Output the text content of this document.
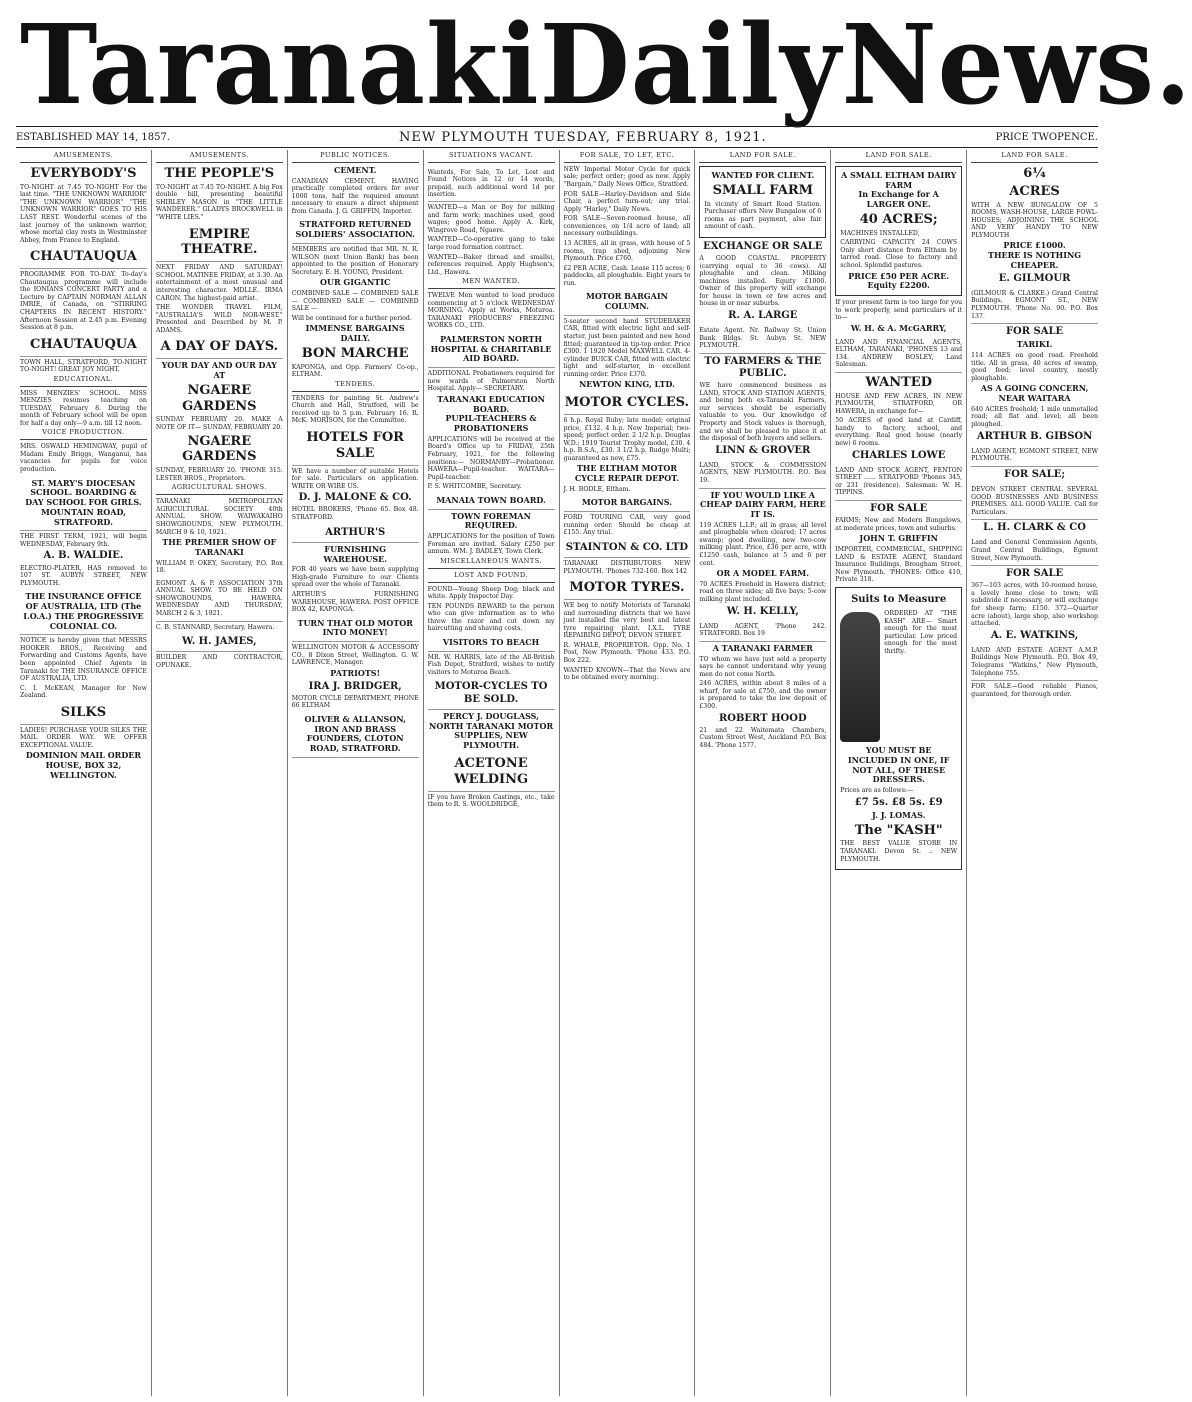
Taranaki Daily News.
ESTABLISHED MAY 14, 1857.	NEW PLYMOUTH TUESDAY, FEBRUARY 8, 1921.	PRICE TWOPENCE.
AMUSEMENTS.
EVERYBODY'S
TO-NIGHT at 7.45 TO-NIGHT For the last time. "THE UNKNOWN WARRIOR" "THE UNKNOWN WARRIOR" "THE UNKNOWN WARRIOR" GOES TO HIS LAST REST. Wonderful scenes of the last journey of the unknown warrior, whose mortal clay rests in Westminster Abbey, from France to England.
CHAUTAUQUA
PROGRAMME FOR TO-DAY. To-day's Chautauqua programme will include the IONIANS CONCERT PARTY and a Lecture by CAPTAIN NORMAN ALLAN IMRIE, of Canada, on "STIRRING CHAPTERS IN RECENT HISTORY." Afternoon Session at 2.45 p.m. Evening Session at 8 p.m.
CHAUTAUQUA
TOWN HALL, STRATFORD, TO-NIGHT TO-NIGHT! GREAT JOY NIGHT.
EDUCATIONAL.
MISS MENZIES' SCHOOL. MISS MENZIES resumes teaching on TUESDAY, February 8. During the month of February school will be open for half a day only—9 a.m. till 12 noon.
VOICE PRODUCTION.
MRS. OSWALD HEMINGWAY, pupil of Madam Emily Briggs, Wanganui, has vacancies for pupils for voice production.
ST. MARY'S DIOCESAN SCHOOL. BOARDING & DAY SCHOOL FOR GIRLS. MOUNTAIN ROAD, STRATFORD.
THE FIRST TERM, 1921, will begin WEDNESDAY, February 9th.
A. B. WALDIE.
ELECTRO-PLATER, HAS removed to 107 ST. AUBYN STREET, NEW PLYMOUTH.
THE INSURANCE OFFICE OF AUSTRALIA, LTD (The I.O.A.) THE PROGRESSIVE COLONIAL CO.
NOTICE is hereby given that MESSRS HOOKER BROS., Receiving and Forwarding and Customs Agents, have been appointed Chief Agents in Taranaki for THE INSURANCE OFFICE OF AUSTRALIA, LTD.
C. I. McKEAN, Manager for New Zealand.
SILKS
LADIES! PURCHASE YOUR SILKS THE MAIL ORDER WAY. WE OFFER EXCEPTIONAL VALUE.
DOMINION MAIL ORDER HOUSE, BOX 32, WELLINGTON.
AMUSEMENTS.
THE PEOPLE'S
TO-NIGHT at 7.45 TO-NIGHT. A big Fox double bill, presenting beautiful SHIRLEY MASON in "THE LITTLE WANDERER." GLADYS BROCKWELL in "WHITE LIES."
EMPIRE THEATRE.
NEXT FRIDAY AND SATURDAY! SCHOOL MATINEE FRIDAY, at 3.30. An entertainment of a most unusual and interesting character. MDLLE. IRMA CARON. The highest-paid artist.
THE WONDER TRAVEL FILM, "AUSTRALIA'S WILD NOR-WEST." Presented and Described by M. P. ADAMS.
A DAY OF DAYS.
YOUR DAY AND OUR DAY AT
NGAERE GARDENS
SUNDAY FEBRUARY 20. MAKE A NOTE OF IT— SUNDAY, FEBRUARY 20.
NGAERE GARDENS
SUNDAY, FEBRUARY 20. 'PHONE 315. LESTER BROS., Proprietors.
AGRICULTURAL SHOWS.
TARANAKI METROPOLITAN AGRICULTURAL SOCIETY 40th ANNUAL SHOW. WAIWAKAIHO SHOWGROUNDS, NEW PLYMOUTH. MARCH 9 & 10, 1921.
THE PREMIER SHOW OF TARANAKI
WILLIAM P. OKEY, Secretary, P.O. Box 18.
EGMONT A. & P. ASSOCIATION 37th ANNUAL SHOW. TO BE HELD ON SHOWGROUNDS, HAWERA. WEDNESDAY AND THURSDAY, MARCH 2 & 3, 1921.
C. B. STANNARD, Secretary, Hawera.
W. H. JAMES,
BUILDER AND CONTRACTOR, OPUNAKE.
PUBLIC NOTICES.
CEMENT.
CANADIAN CEMENT. HAVING practically completed orders for over 1000 tons, half the required amount necessary to ensure a direct shipment from Canada. J. G. GRIFFIN, Importer.
STRATFORD RETURNED SOLDIERS' ASSOCIATION.
MEMBERS are notified that MR. N. R. WILSON (next Union Bank) has been appointed to the position of Honorary Secretary. E. H. YOUNG, President.
OUR GIGANTIC
COMBINED SALE — COMBINED SALE — COMBINED SALE — COMBINED SALE —
Will be continued for a further period.
IMMENSE BARGAINS DAILY.
BON MARCHE
KAPONGA, and Opp. Farmers' Co-op., ELTHAM.
TENDERS.
TENDERS for painting St. Andrew's Church and Hall, Stratford, will be received up to 5 p.m. February 16. R. McK. MORISON, for the Committee.
HOTELS FOR SALE
WE have a number of suitable Hotels for sale. Particulars on application. WRITE OR WIRE US.
D. J. MALONE & CO.
HOTEL BROKERS, 'Phone 65. Box 48. STRATFORD.
ARTHUR'S
FURNISHING WAREHOUSE.
FOR 40 years we have been supplying High-grade Furniture to our Clients spread over the whole of Taranaki.
ARTHUR'S FURNISHING WAREHOUSE, HAWERA. POST OFFICE BOX 42, KAPONGA.
TURN THAT OLD MOTOR INTO MONEY!
WELLINGTON MOTOR & ACCESSORY CO., 8 Dixon Street, Wellington. G. W. LAWRENCE, Manager.
PATRIOTS!
IRA J. BRIDGER,
MOTOR CYCLE DEPARTMENT, PHONE 66 ELTHAM
OLIVER & ALLANSON, IRON AND BRASS FOUNDERS, CLOTON ROAD, STRATFORD.
SITUATIONS VACANT.
Wanteds, For Sale, To Let, Lost and Found Notices in 12 or 14 words, prepaid, each additional word 1d per insertion.
WANTED—a Man or Boy for milking and farm work; machines used, good wages; good home. Apply A. Kirk, Wingrove Road, Ngaere.
WANTED—Co-operative gang to take large road formation contract.
WANTED—Baker (bread and smalls), references required. Apply Hughson's, Ltd., Hawera.
MEN WANTED.
TWELVE Men wanted to load produce commencing at 5 o'clock WEDNESDAY MORNING. Apply at Works, Moturoa. TARANAKI PRODUCERS' FREEZING WORKS CO., LTD.
PALMERSTON NORTH HOSPITAL & CHARITABLE AID BOARD.
ADDITIONAL Probationers required for new wards of Palmerston North Hospital. Apply— SECRETARY.
TARANAKI EDUCATION BOARD.
PUPIL-TEACHERS & PROBATIONERS
APPLICATIONS will be received at the Board's Office up to FRIDAY, 25th February, 1921, for the following positions:— NORMANBY—Probationer. HAWERA—Pupil-teacher. WAITARA—Pupil-teacher.
P. S. WHITCOMBE, Secretary.
MANAIA TOWN BOARD.
TOWN FOREMAN REQUIRED.
APPLICATIONS for the position of Town Foreman are invited. Salary £250 per annum. WM. J. BADLEY, Town Clerk.
MISCELLANEOUS WANTS.
LOST AND FOUND.
FOUND—Young Sheep Dog; black and white. Apply Inspector Day.
TEN POUNDS REWARD to the person who can give information as to who threw the razor and cut down my haircutting and shaving costs.
VISITORS TO BEACH
MR. W. HARRIS, late of the All-British Fish Depot, Stratford, wishes to notify visitors to Moturoa Beach.
MOTOR-CYCLES TO BE SOLD.
PERCY J. DOUGLASS, NORTH TARANAKI MOTOR SUPPLIES, NEW PLYMOUTH.
ACETONE WELDING
IF you have Broken Castings, etc., take them to R. S. WOOLDRIDGE,
FOR SALE, TO LET, ETC.
NEW Imperial Motor Cycle for quick sale; perfect order; good as new. Apply "Bargain," Daily News Office, Stratford.
FOR SALE—Harley-Davidson and Side Chair, a perfect turn-out; any trial. Apply "Harley," Daily News.
FOR SALE—Seven-roomed house, all conveniences, on 1/4 acre of land; all necessary outbuildings.
13 ACRES, all in grass, with house of 5 rooms, trap shed, adjoining New Plymouth. Price £760.
£2 PER ACRE, Cash. Lease 115 acres; 6 paddocks, all ploughable. Eight years to run.
MOTOR BARGAIN COLUMN.
5-seater second hand STUDEBAKER CAR, fitted with electric light and self-starter, just been painted and new hood fitted; guaranteed in tip-top order. Price £300. 1 1920 Model MAXWELL CAR. 4-cylinder BUICK CAR, fitted with electric light and self-starter, in excellent running order. Price £370.
NEWTON KING, LTD.
MOTOR CYCLES.
6 h.p. Royal Ruby; late model; original price, £132. 4 h.p. New Imperial; two-speed; perfect order. 2 1/2 h.p. Douglas W.D.; 1919 Tourist Trophy model, £30. 4 h.p. B.S.A., £30. 3 1/2 h.p. Rudge Multi; guaranteed as new, £75.
THE ELTHAM MOTOR CYCLE REPAIR DEPOT.
J. H. BODLE, Eltham.
MOTOR BARGAINS.
FORD TOURING CAR, very good running order. Should be cheap at £155. Any trial.
STAINTON & CO. LTD
TARANAKI DISTRIBUTORS NEW PLYMOUTH. 'Phones 732-160. Box 142
MOTOR TYRES.
WE beg to notify Motorists of Taranaki and surrounding districts that we have just installed the very best and latest tyre repairing plant. I.X.L. TYRE REPAIRING DEPOT, DEVON STREET.
R. WHALE, PROPRIETOR. Opp. No. 1 Post, New Plymouth. 'Phone 433. P.O. Box 222.
WANTED KNOWN—That the News are to be obtained every morning.
LAND FOR SALE.
WANTED FOR CLIENT.
SMALL FARM
In vicinity of Smart Road Station. Purchaser offers New Bungalow of 6 rooms as part payment, also fair amount of cash.
EXCHANGE OR SALE
A GOOD COASTAL PROPERTY (carrying equal to 36 cows). All ploughable and clean. Milking machines installed. Equity £1000. Owner of this property will exchange for house in town or few acres and house in or near suburbs.
R. A. LARGE
Estate Agent. Nr. Railway St. Union Bank Bldgs. St. Aubyn St. NEW PLYMOUTH.
TO FARMERS & THE PUBLIC.
WE have commenced business as LAND, STOCK AND STATION AGENTS, and being both ex-Taranaki Farmers, our services should be especially valuable to you. Our knowledge of Property and Stock values is thorough, and we shall be pleased to place it at the disposal of both buyers and sellers.
LINN & GROVER
LAND, STOCK & COMMISSION AGENTS, NEW PLYMOUTH. P.O. Box 19.
IF YOU WOULD LIKE A CHEAP DAIRY FARM, HERE IT IS.
119 ACRES L.I.P.; all in grass; all level and ploughable when cleared; 17 acres swamp; good dwelling, new two-cow milking plant. Price, £36 per acre, with £1250 cash, balance at 5 and 6 per cent.
OR A MODEL FARM.
70 ACRES Freehold in Hawera district; road on three sides; all five bays; 5-cow milking plant included.
W. H. KELLY,
LAND AGENT, 'Phone 242. STRATFORD. Box 19
A TARANAKI FARMER
TO whom we have just sold a property says he cannot understand why young men do not come North.
246 ACRES, within about 8 miles of a wharf, for sale at £750, and the owner is prepared to take the low deposit of £300.
ROBERT HOOD
21 and 22 Waitemata Chambers, Custom Street West, Auckland P.O. Box 484. 'Phone 1577.
LAND FOR SALE.
A SMALL ELTHAM DAIRY FARM
In Exchange for A LARGER ONE.
40 ACRES;
MACHINES INSTALLED,
CARRYING CAPACITY 24 COWS Only short distance from Eltham by tarred road. Close to factory and school. Splendid pastures.
PRICE £50 PER ACRE. Equity £2200.
If your present farm is too large for you to work properly, send particulars of it to—
W. H. & A. McGARRY,
LAND AND FINANCIAL AGENTS, ELTHAM, TARANAKI, 'PHONES 13 and 134. ANDREW BOSLEY, Land Salesman.
WANTED
HOUSE AND FEW ACRES, IN NEW PLYMOUTH, STRATFORD, OR HAWERA, in exchange for—
50 ACRES of good land at Cardiff, handy to factory, school, and everything. Real good house (nearly new) 6 rooms.
CHARLES LOWE
LAND AND STOCK AGENT, FENTON STREET ...... STRATFORD 'Phones 345, or 231 (residence). Salesman: W. H. TIPPINS.
FOR SALE
FARMS; New and Modern Bungalows, at moderate prices, town and suburbs.
JOHN T. GRIFFIN
IMPORTER, COMMERCIAL, SHIPPING LAND & ESTATE AGENT, Standard Insurance Buildings, Brougham Street, New Plymouth. 'PHONES: Office 410, Private 318.
Suits to Measure
ORDERED AT "THE KASH" ARE— Smart enough for the most particular. Low priced enough for the most thrifty.
YOU MUST BE INCLUDED IN ONE, IF NOT ALL, OF THESE DRESSERS.
Prices are as follows:—
£7 5s. £8 5s. £9
J. J. LOMAS.
The "KASH"
THE BEST VALUE STORE IN TARANAKI. Devon St. .. NEW PLYMOUTH.
LAND FOR SALE.
6¼
ACRES
WITH A NEW BUNGALOW OF 5 ROOMS, WASH-HOUSE, LARGE FOWL-HOUSES; ADJOINING THE SCHOOL AND VERY HANDY TO NEW PLYMOUTH
PRICE £1000.
THERE IS NOTHING CHEAPER.
E. GILMOUR
(GILMOUR & CLARKE.) Grand Central Buildings, EGMONT ST., NEW PLYMOUTH. 'Phone No. 90. P.O. Box 137.
FOR SALE
TARIKI.
114 ACRES on good road. Freehold title. All in grass, 40 acres of swamp, good feed; level country, mostly ploughable.
AS A GOING CONCERN, NEAR WAITARA
640 ACRES freehold; 1 mile unmetalled road; all flat and level; all been ploughed.
ARTHUR B. GIBSON
LAND AGENT, EGMONT STREET, NEW PLYMOUTH.
FOR SALE;
DEVON STREET CENTRAL SEVERAL GOOD BUSINESSES AND BUSINESS PREMISES. ALL GOOD VALUE. Call for Particulars.
L. H. CLARK & CO
Land and General Commission Agents, Grand Central Buildings, Egmont Street, New Plymouth.
FOR SALE
367—103 acres, with 10-roomed house, a lovely home close to town; will subdivide if necessary, or will exchange for sheep farm; £150. 372—Quarter acre (about), large shop, also workshop attached.
A. E. WATKINS,
LAND AND ESTATE AGENT A.M.P. Buildings New Plymouth. P.O. Box 49, Telegrams "Watkins," New Plymouth, Telephone 755.
FOR SALE—Good reliable Pianos, guaranteed, for thorough order.
